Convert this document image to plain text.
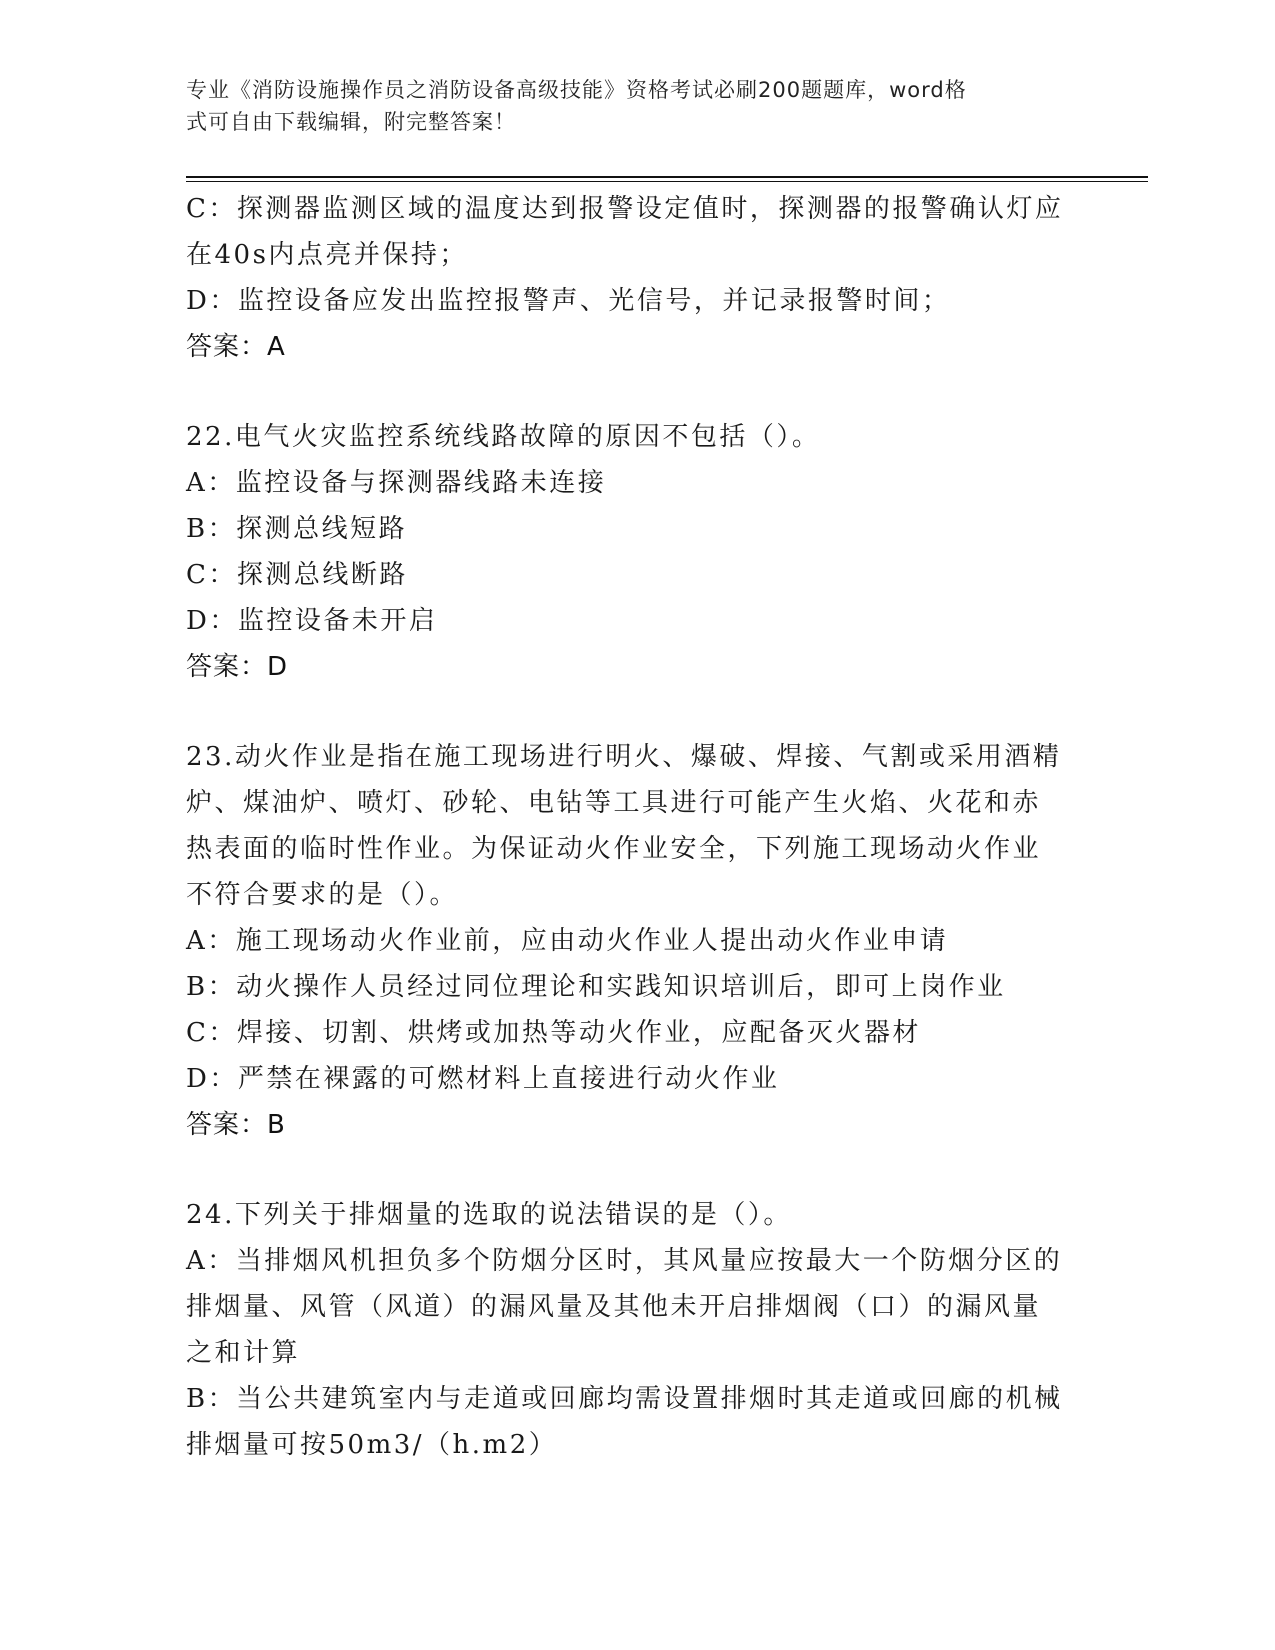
专业《消防设施操作员之消防设备高级技能》资格考试必刷200题题库，word格
式可自由下载编辑，附完整答案！
C：探测器监测区域的温度达到报警设定值时，探测器的报警确认灯应
在40s内点亮并保持；
D：监控设备应发出监控报警声、光信号，并记录报警时间；
答案：A
22.电气火灾监控系统线路故障的原因不包括（）。
A：监控设备与探测器线路未连接
B：探测总线短路
C：探测总线断路
D：监控设备未开启
答案：D
23.动火作业是指在施工现场进行明火、爆破、焊接、气割或采用酒精
炉、煤油炉、喷灯、砂轮、电钻等工具进行可能产生火焰、火花和赤
热表面的临时性作业。为保证动火作业安全，下列施工现场动火作业
不符合要求的是（）。
A：施工现场动火作业前，应由动火作业人提出动火作业申请
B：动火操作人员经过同位理论和实践知识培训后，即可上岗作业
C：焊接、切割、烘烤或加热等动火作业，应配备灭火器材
D：严禁在裸露的可燃材料上直接进行动火作业
答案：B
24.下列关于排烟量的选取的说法错误的是（）。
A：当排烟风机担负多个防烟分区时，其风量应按最大一个防烟分区的
排烟量、风管（风道）的漏风量及其他未开启排烟阀（口）的漏风量
之和计算
B：当公共建筑室内与走道或回廊均需设置排烟时其走道或回廊的机械
排烟量可按50m3/（h.m2）
